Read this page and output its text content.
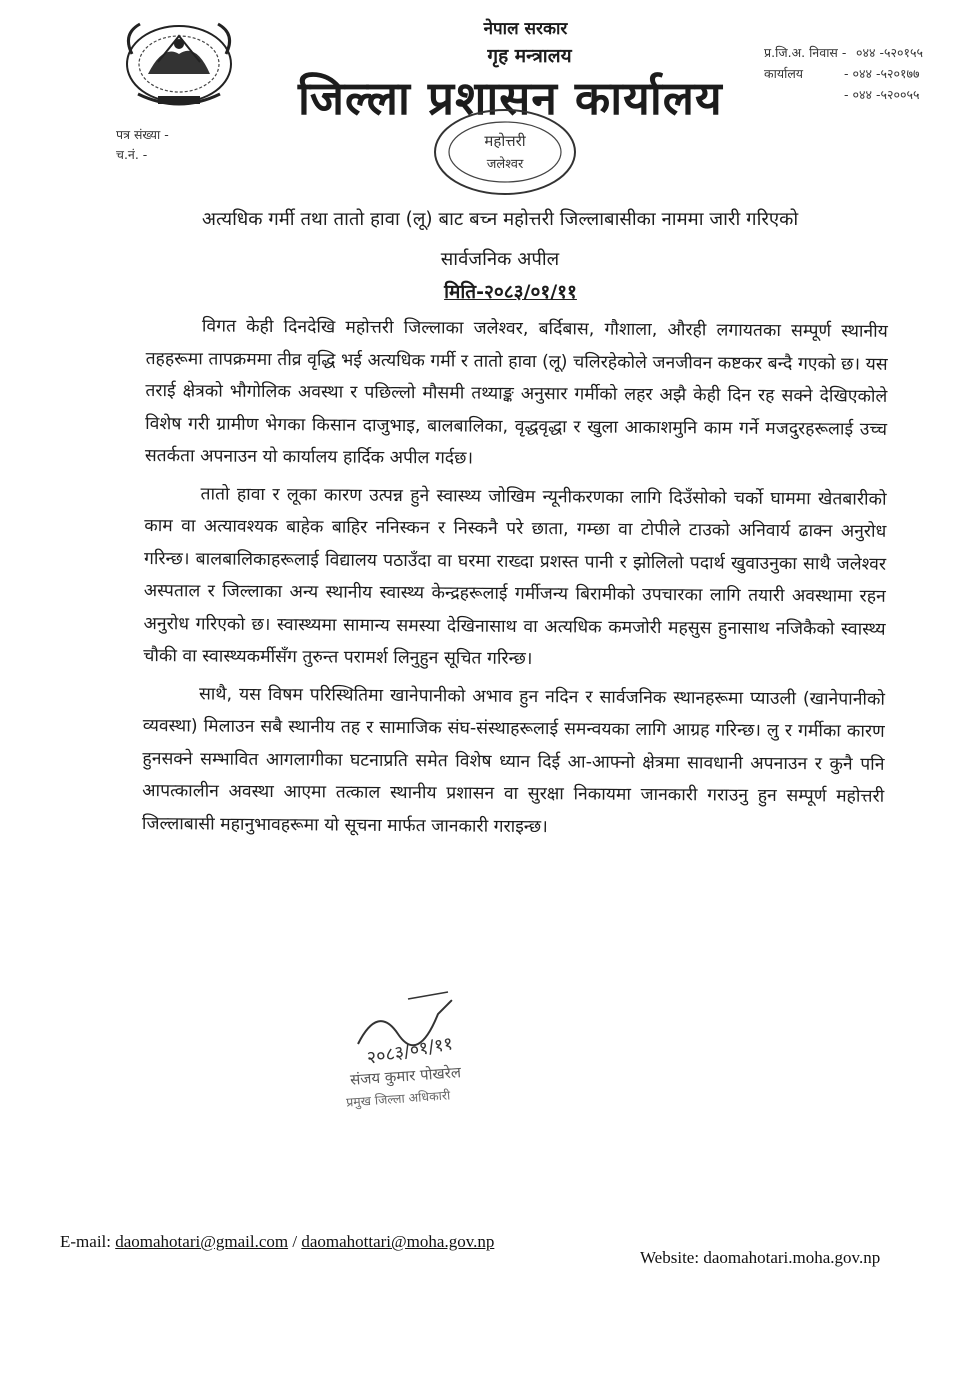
पत्र संख्या -
च.नं. -
नेपाल सरकार
गृह मन्त्रालय
जिल्ला प्रशासन कार्यालय
प्र.जि.अ. निवास - ०४४ -५२०१५५
कार्यालय	- ०४४ -५२०१७७
- ०४४ -५२००५५
महोत्तरी
जलेश्वर
अत्यधिक गर्मी तथा तातो हावा (लू) बाट बच्न महोत्तरी जिल्लाबासीका नाममा जारी गरिएको
सार्वजनिक अपील
मिति-२०८३/०१/११

विगत केही दिनदेखि महोत्तरी जिल्लाका जलेश्वर, बर्दिबास, गौशाला, औरही लगायतका सम्पूर्ण स्थानीय तहहरूमा तापक्रममा तीव्र वृद्धि भई अत्यधिक गर्मी र तातो हावा (लू) चलिरहेकोले जनजीवन कष्टकर बन्दै गएको छ। यस तराई क्षेत्रको भौगोलिक अवस्था र पछिल्लो मौसमी तथ्याङ्क अनुसार गर्मीको लहर अझै केही दिन रह सक्ने देखिएकोले विशेष गरी ग्रामीण भेगका किसान दाजुभाइ, बालबालिका, वृद्धवृद्धा र खुला आकाशमुनि काम गर्ने मजदुरहरूलाई उच्च सतर्कता अपनाउन यो कार्यालय हार्दिक अपील गर्दछ।

तातो हावा र लूका कारण उत्पन्न हुने स्वास्थ्य जोखिम न्यूनीकरणका लागि दिउँसोको चर्को घाममा खेतबारीको काम वा अत्यावश्यक बाहेक बाहिर ननिस्कन र निस्कनै परे छाता, गम्छा वा टोपीले टाउको अनिवार्य ढाक्न अनुरोध गरिन्छ। बालबालिकाहरूलाई विद्यालय पठाउँदा वा घरमा राख्दा प्रशस्त पानी र झोलिलो पदार्थ खुवाउनुका साथै जलेश्वर अस्पताल र जिल्लाका अन्य स्थानीय स्वास्थ्य केन्द्रहरूलाई गर्मीजन्य बिरामीको उपचारका लागि तयारी अवस्थामा रहन अनुरोध गरिएको छ। स्वास्थ्यमा सामान्य समस्या देखिनासाथ वा अत्यधिक कमजोरी महसुस हुनासाथ नजिकैको स्वास्थ्य चौकी वा स्वास्थ्यकर्मीसँग तुरुन्त परामर्श लिनुहुन सूचित गरिन्छ।

साथै, यस विषम परिस्थितिमा खानेपानीको अभाव हुन नदिन र सार्वजनिक स्थानहरूमा प्याउली (खानेपानीको व्यवस्था) मिलाउन सबै स्थानीय तह र सामाजिक संघ-संस्थाहरूलाई समन्वयका लागि आग्रह गरिन्छ। लु र गर्मीका कारण हुनसक्ने सम्भावित आगलागीका घटनाप्रति समेत विशेष ध्यान दिई आ-आफ्नो क्षेत्रमा सावधानी अपनाउन र कुनै पनि आपत्कालीन अवस्था आएमा तत्काल स्थानीय प्रशासन वा सुरक्षा निकायमा जानकारी गराउनु हुन सम्पूर्ण महोत्तरी जिल्लाबासी महानुभावहरूमा यो सूचना मार्फत जानकारी गराइन्छ।

२०८३/०१/११
संजय कुमार पोखरेल
प्रमुख जिल्ला अधिकारी
E-mail: daomahotari@gmail.com / daomahottari@moha.gov.np
Website: daomahotari.moha.gov.np
